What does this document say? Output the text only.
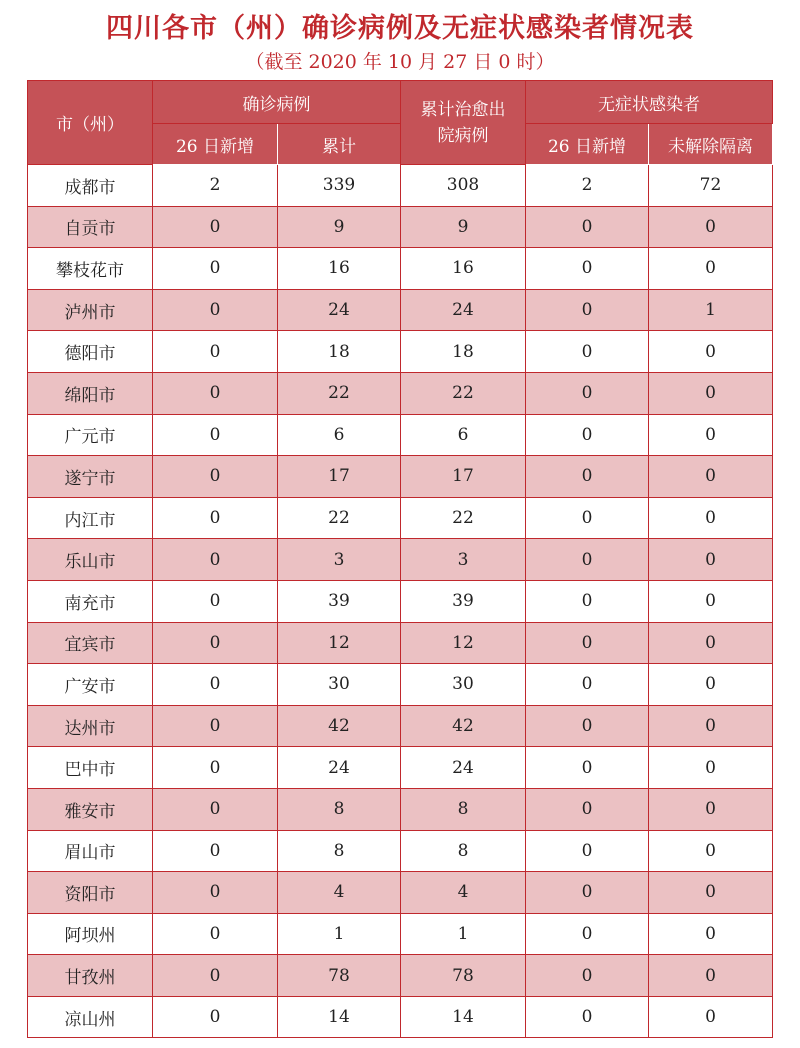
四川各市（州）确诊病例及无症状感染者情况表
（截至 2020 年 10 月 27 日 0 时）
市（州）	确诊病例		累计治愈出院病例	无症状感染者	
	26 日新增	累计		26 日新增	未解除隔离
成都市	2	339	308	2	72
自贡市	0	9	9	0	0
攀枝花市	0	16	16	0	0
泸州市	0	24	24	0	1
德阳市	0	18	18	0	0
绵阳市	0	22	22	0	0
广元市	0	6	6	0	0
遂宁市	0	17	17	0	0
内江市	0	22	22	0	0
乐山市	0	3	3	0	0
南充市	0	39	39	0	0
宜宾市	0	12	12	0	0
广安市	0	30	30	0	0
达州市	0	42	42	0	0
巴中市	0	24	24	0	0
雅安市	0	8	8	0	0
眉山市	0	8	8	0	0
资阳市	0	4	4	0	0
阿坝州	0	1	1	0	0
甘孜州	0	78	78	0	0
凉山州	0	14	14	0	0
